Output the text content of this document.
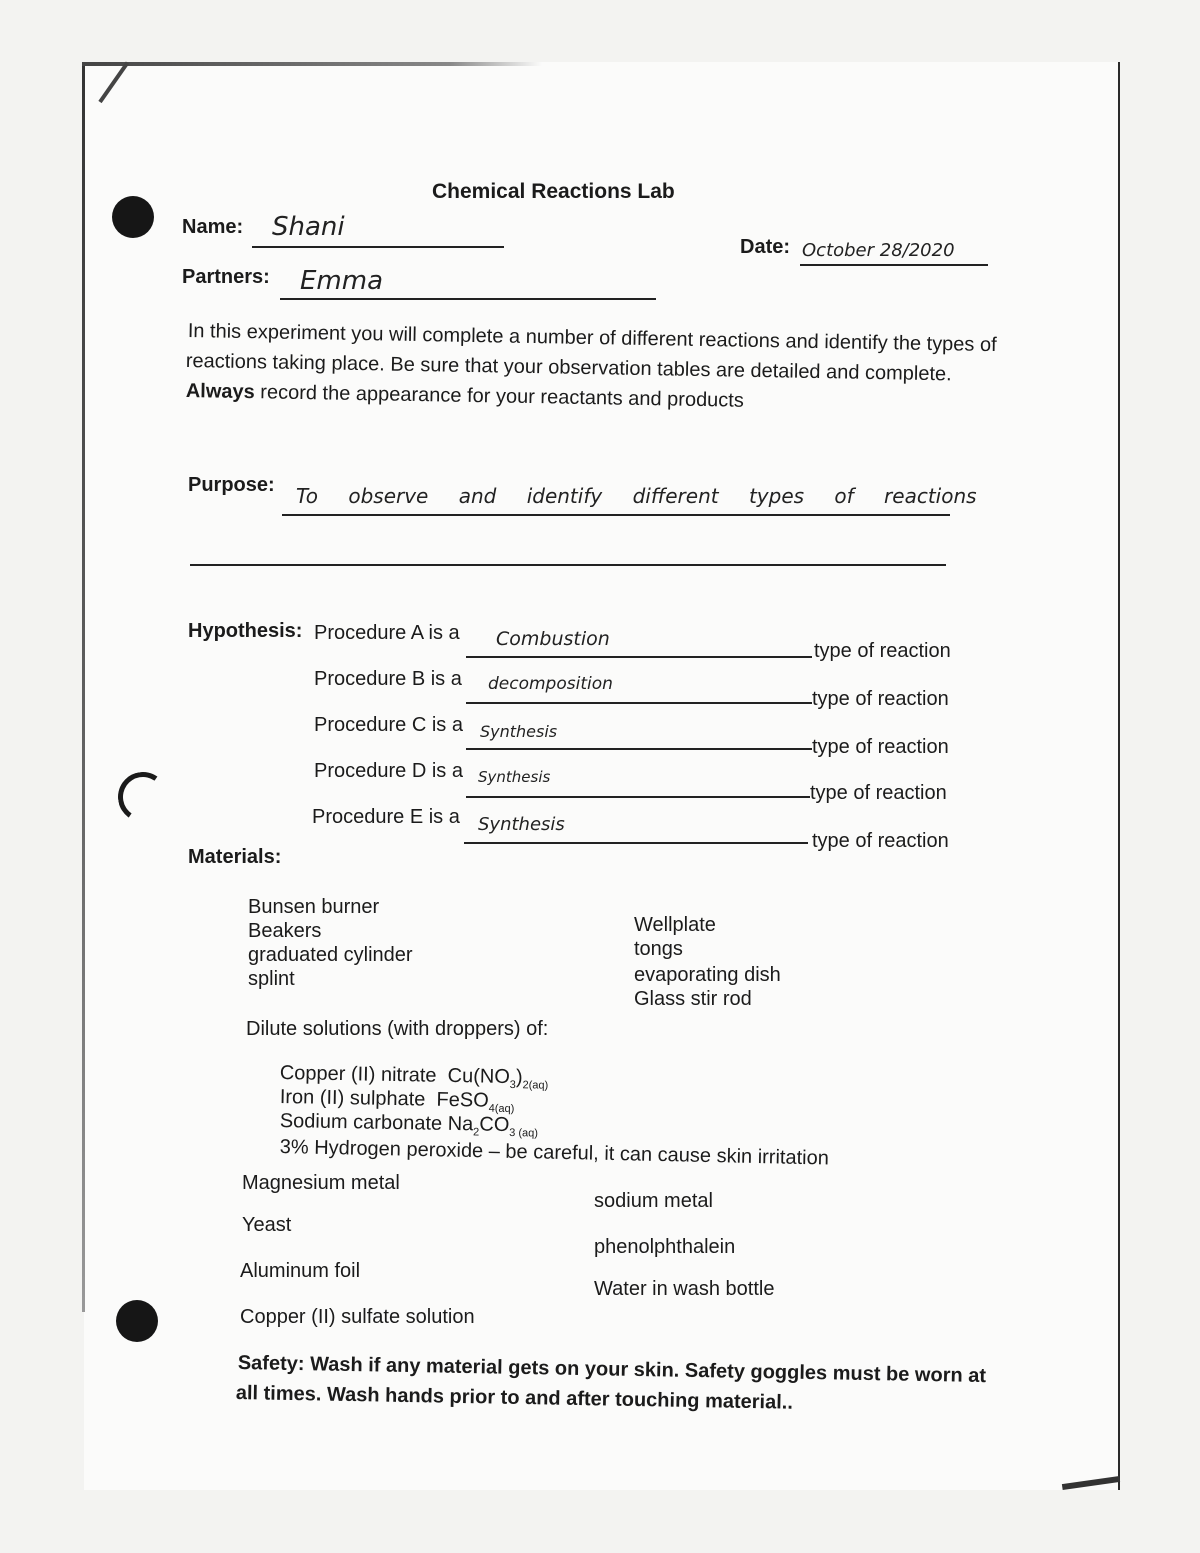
Chemical Reactions Lab
Name: Shani
Date: October 28/2020
Partners: Emma
In this experiment you will complete a number of different reactions and identify the types of
reactions taking place. Be sure that your observation tables are detailed and complete.
Always record the appearance for your reactants and products
Purpose: To observe and identify different types of reactions
Hypothesis: Procedure A is a Combustion
type of reaction
Procedure B is a decomposition
type of reaction
Procedure C is a Synthesis
type of reaction
Procedure D is a Synthesis
type of reaction
Procedure E is a Synthesis
type of reaction
Materials:
Bunsen burner
Beakers
graduated cylinder
splint
Wellplate
tongs
evaporating dish
Glass stir rod
Dilute solutions (with droppers) of:
Copper (II) nitrate $Cu(NO_3)_{2(aq)}$
Iron (II) sulphate FeSO$_{4(aq)}$
Sodium carbonate $Na_2CO_{3 (aq)}$
3% Hydrogen peroxide – be careful, it can cause skin irritation
Magnesium metal
Yeast
Aluminum foil
Copper (II) sulfate solution
sodium metal
phenolphthalein
Water in wash bottle
Safety: Wash if any material gets on your skin. Safety goggles must be worn at
all times. Wash hands prior to and after touching material..
